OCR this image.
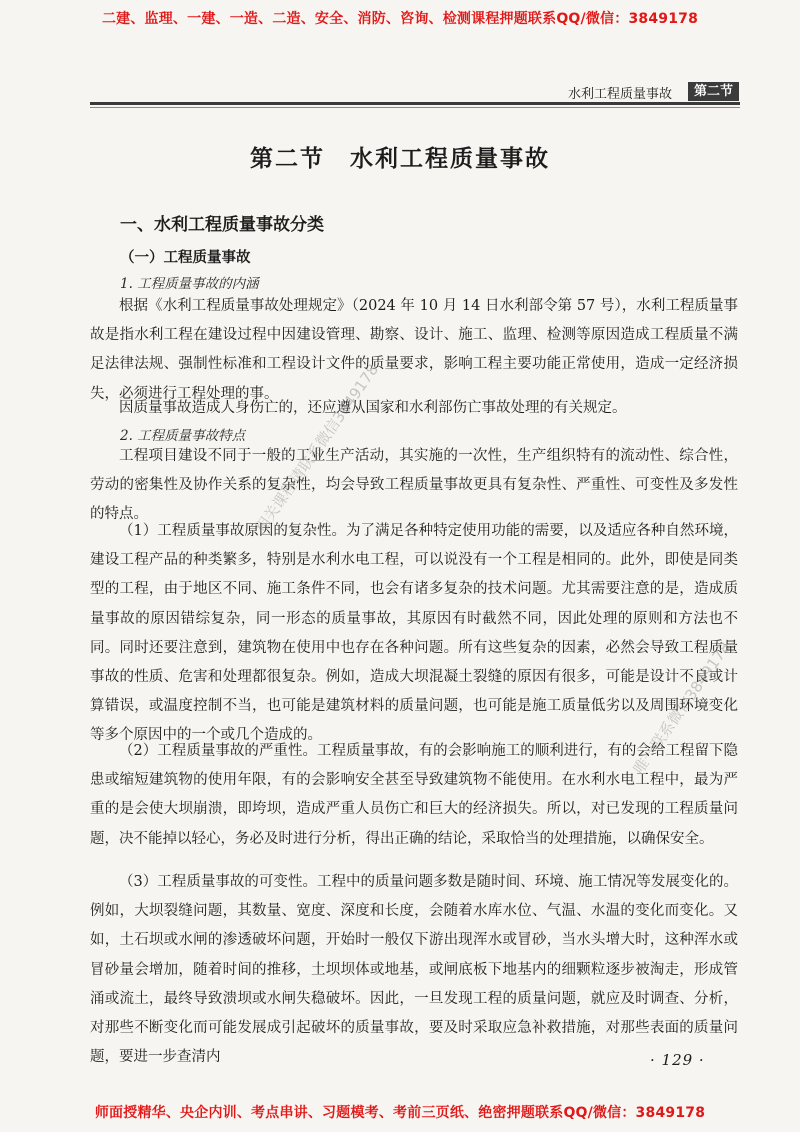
二建、监理、一建、一造、二造、安全、消防、咨询、检测课程押题联系QQ/微信：3849178
水利工程质量事故	第二节
第二节　水利工程质量事故
一、水利工程质量事故分类
（一）工程质量事故
1. 工程质量事故的内涵

根据《水利工程质量事故处理规定》（2024 年 10 月 14 日水利部令第 57 号），水利工程质量事故是指水利工程在建设过程中因建设管理、勘察、设计、施工、监理、检测等原因造成工程质量不满足法律法规、强制性标准和工程设计文件的质量要求，影响工程主要功能正常使用，造成一定经济损失，必须进行工程处理的事。

因质量事故造成人身伤亡的，还应遵从国家和水利部伤亡事故处理的有关规定。

2. 工程质量事故特点

工程项目建设不同于一般的工业生产活动，其实施的一次性，生产组织特有的流动性、综合性，劳动的密集性及协作关系的复杂性，均会导致工程质量事故更具有复杂性、严重性、可变性及多发性的特点。

（1）工程质量事故原因的复杂性。为了满足各种特定使用功能的需要，以及适应各种自然环境，建设工程产品的种类繁多，特别是水利水电工程，可以说没有一个工程是相同的。此外，即使是同类型的工程，由于地区不同、施工条件不同，也会有诸多复杂的技术问题。尤其需要注意的是，造成质量事故的原因错综复杂，同一形态的质量事故，其原因有时截然不同，因此处理的原则和方法也不同。同时还要注意到，建筑物在使用中也存在各种问题。所有这些复杂的因素，必然会导致工程质量事故的性质、危害和处理都很复杂。例如，造成大坝混凝土裂缝的原因有很多，可能是设计不良或计算错误，或温度控制不当，也可能是建筑材料的质量问题，也可能是施工质量低劣以及周围环境变化等多个原因中的一个或几个造成的。

（2）工程质量事故的严重性。工程质量事故，有的会影响施工的顺利进行，有的会给工程留下隐患或缩短建筑物的使用年限，有的会影响安全甚至导致建筑物不能使用。在水利水电工程中，最为严重的是会使大坝崩溃，即垮坝，造成严重人员伤亡和巨大的经济损失。所以，对已发现的工程质量问题，决不能掉以轻心，务必及时进行分析，得出正确的结论，采取恰当的处理措施，以确保安全。

（3）工程质量事故的可变性。工程中的质量问题多数是随时间、环境、施工情况等发展变化的。例如，大坝裂缝问题，其数量、宽度、深度和长度，会随着水库水位、气温、水温的变化而变化。又如，土石坝或水闸的渗透破坏问题，开始时一般仅下游出现浑水或冒砂，当水头增大时，这种浑水或冒砂量会增加，随着时间的推移，土坝坝体或地基，或闸底板下地基内的细颗粒逐步被淘走，形成管涌或流土，最终导致溃坝或水闸失稳破坏。因此，一旦发现工程的质量问题，就应及时调查、分析，对那些不断变化而可能发展成引起破坏的质量事故，要及时采取应急补救措施，对那些表面的质量问题，要进一步查清内

相关课程请联系微信3849178
唯一联系微信3849178
· 129 ·
师面授精华、央企内训、考点串讲、习题模考、考前三页纸、绝密押题联系QQ/微信：3849178
